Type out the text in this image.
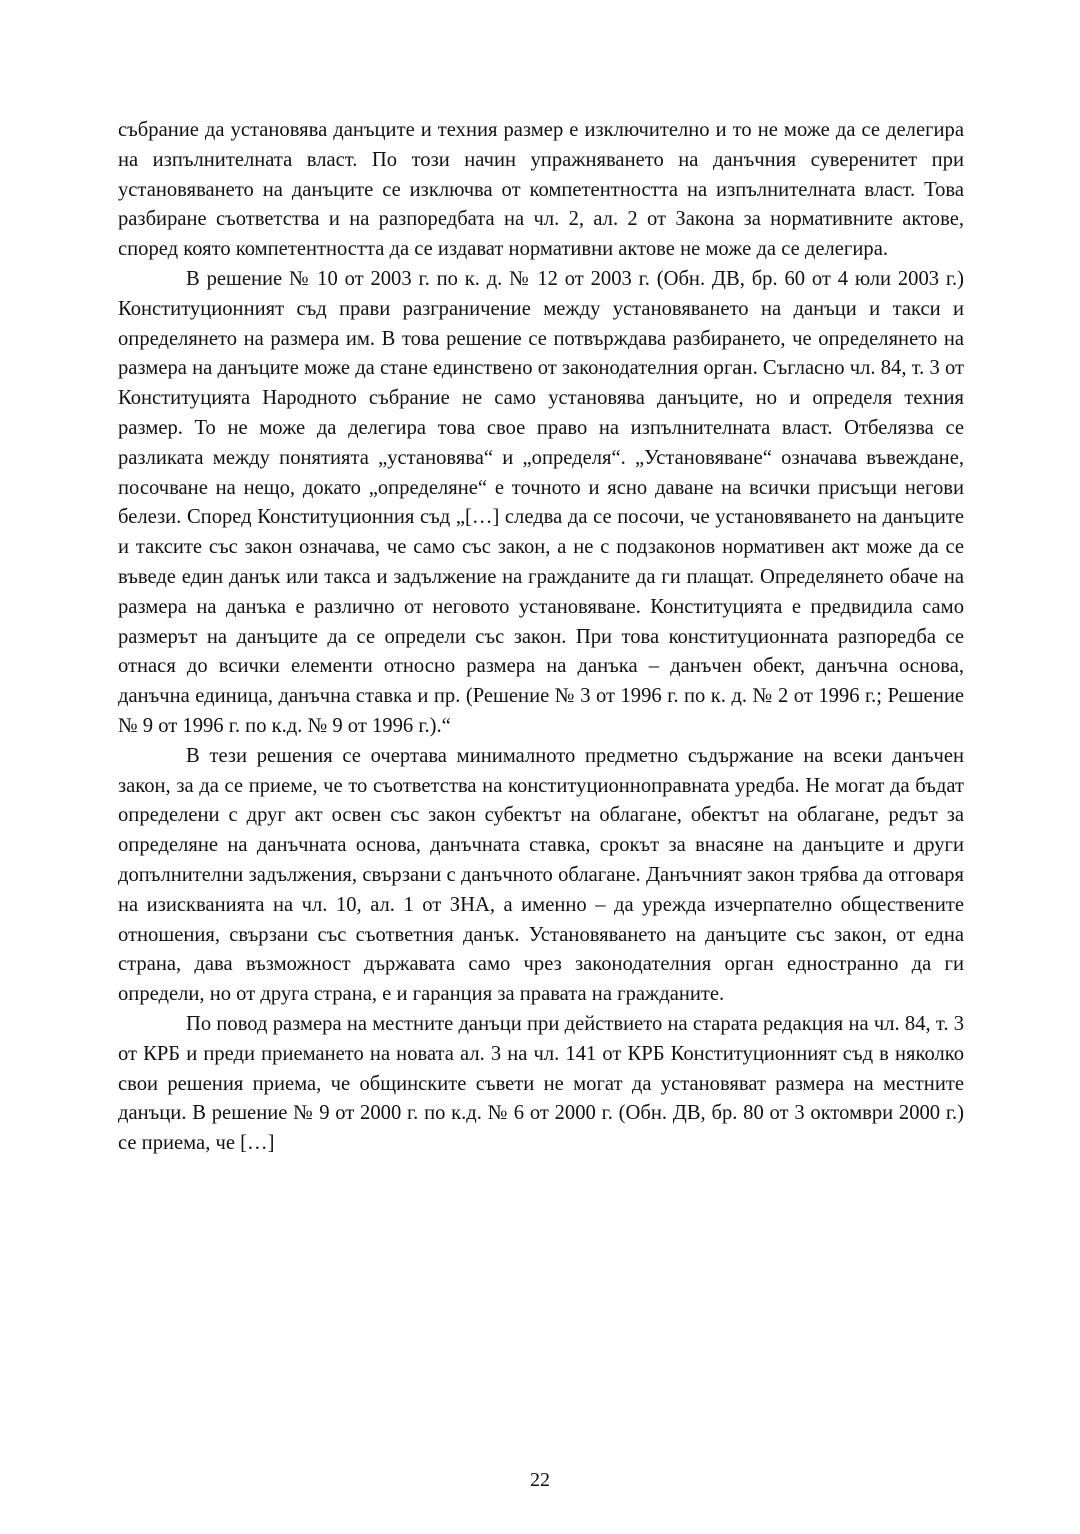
събрание да установява данъците и техния размер е изключително и то не може да се делегира на изпълнителната власт. По този начин упражняването на данъчния суверенитет при установяването на данъците се изключва от компетентността на изпълнителната власт. Това разбиране съответства и на разпоредбата на чл. 2, ал. 2 от Закона за нормативните актове, според която компетентността да се издават нормативни актове не може да се делегира.

В решение № 10 от 2003 г. по к. д. № 12 от 2003 г. (Обн. ДВ, бр. 60 от 4 юли 2003 г.) Конституционният съд прави разграничение между установяването на данъци и такси и определянето на размера им. В това решение се потвърждава разбирането, че определянето на размера на данъците може да стане единствено от законодателния орган. Съгласно чл. 84, т. 3 от Конституцията Народното събрание не само установява данъците, но и определя техния размер. То не може да делегира това свое право на изпълнителната власт. Отбелязва се разликата между понятията „установява“ и „определя“. „Установяване“ означава въвеждане, посочване на нещо, докато „определяне“ е точното и ясно даване на всички присъщи негови белези. Според Конституционния съд „[…] следва да се посочи, че установяването на данъците и таксите със закон означава, че само със закон, а не с подзаконов нормативен акт може да се въведе един данък или такса и задължение на гражданите да ги плащат. Определянето обаче на размера на данъка е различно от неговото установяване. Конституцията е предвидила само размерът на данъците да се определи със закон. При това конституционната разпоредба се отнася до всички елементи относно размера на данъка – данъчен обект, данъчна основа, данъчна единица, данъчна ставка и пр. (Решение № 3 от 1996 г. по к. д. № 2 от 1996 г.; Решение № 9 от 1996 г. по к.д. № 9 от 1996 г.).“

В тези решения се очертава минималното предметно съдържание на всеки данъчен закон, за да се приеме, че то съответства на конституционноправната уредба. Не могат да бъдат определени с друг акт освен със закон субектът на облагане, обектът на облагане, редът за определяне на данъчната основа, данъчната ставка, срокът за внасяне на данъците и други допълнителни задължения, свързани с данъчното облагане. Данъчният закон трябва да отговаря на изискванията на чл. 10, ал. 1 от ЗНА, а именно – да урежда изчерпателно обществените отношения, свързани със съответния данък. Установяването на данъците със закон, от една страна, дава възможност държавата само чрез законодателния орган едностранно да ги определи, но от друга страна, е и гаранция за правата на гражданите.

По повод размера на местните данъци при действието на старата редакция на чл. 84, т. 3 от КРБ и преди приемането на новата ал. 3 на чл. 141 от КРБ Конституционният съд в няколко свои решения приема, че общинските съвети не могат да установяват размера на местните данъци. В решение № 9 от 2000 г. по к.д. № 6 от 2000 г. (Обн. ДВ, бр. 80 от 3 октомври 2000 г.) се приема, че […]

22
